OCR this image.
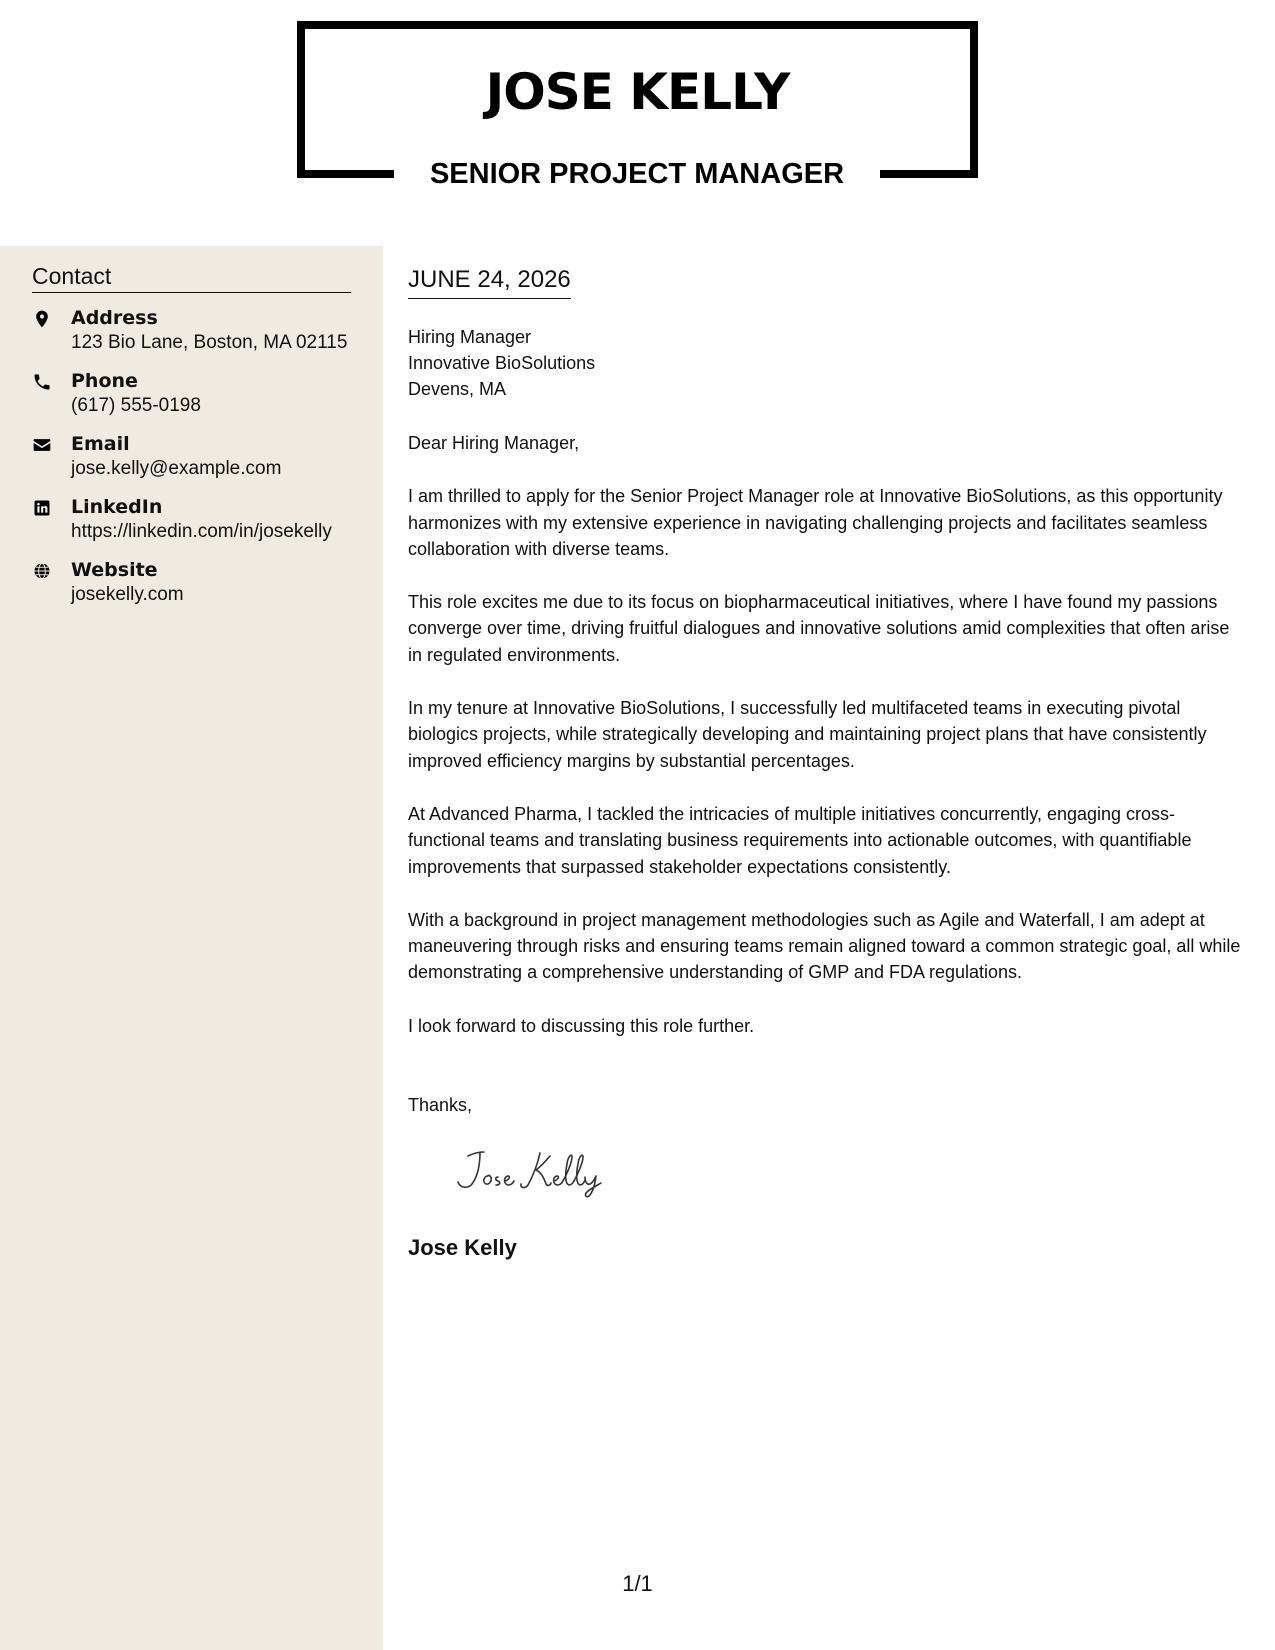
JOSE KELLY
SENIOR PROJECT MANAGER
Contact
Address
123 Bio Lane, Boston, MA 02115
Phone
(617) 555-0198
Email
jose.kelly@example.com
LinkedIn
https://linkedin.com/in/josekelly
Website
josekelly.com
JUNE 24, 2026
Hiring Manager
Innovative BioSolutions
Devens, MA

Dear Hiring Manager,

I am thrilled to apply for the Senior Project Manager role at Innovative BioSolutions, as this opportunity harmonizes with my extensive experience in navigating challenging projects and facilitates seamless collaboration with diverse teams.

This role excites me due to its focus on biopharmaceutical initiatives, where I have found my passions converge over time, driving fruitful dialogues and innovative solutions amid complexities that often arise in regulated environments.

In my tenure at Innovative BioSolutions, I successfully led multifaceted teams in executing pivotal biologics projects, while strategically developing and maintaining project plans that have consistently improved efficiency margins by substantial percentages.

At Advanced Pharma, I tackled the intricacies of multiple initiatives concurrently, engaging cross-functional teams and translating business requirements into actionable outcomes, with quantifiable improvements that surpassed stakeholder expectations consistently.

With a background in project management methodologies such as Agile and Waterfall, I am adept at maneuvering through risks and ensuring teams remain aligned toward a common strategic goal, all while demonstrating a comprehensive understanding of GMP and FDA regulations.

I look forward to discussing this role further.

Thanks,
Jose Kelly
1/1
